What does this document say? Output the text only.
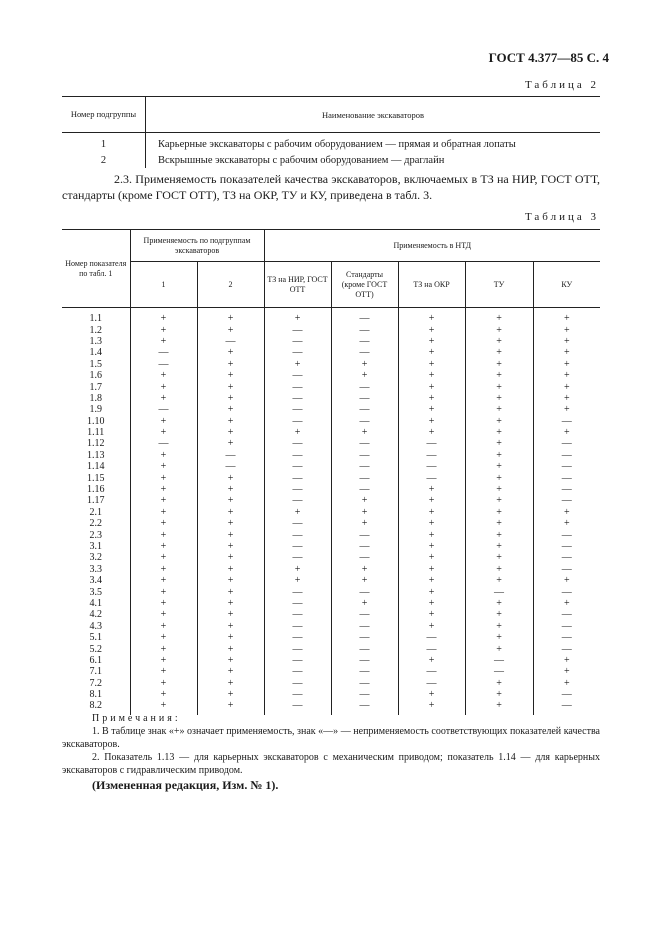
ГОСТ 4.377—85 С. 4
Таблица 2
Номер подгруппы	Наименование экскаваторов
1	Карьерные экскаваторы с рабочим оборудованием — прямая и обратная лопаты
2	Вскрышные экскаваторы с рабочим оборудованием — драглайн
2.3. Применяемость показателей качества экскаваторов, включаемых в ТЗ на НИР, ГОСТ ОТТ, стандарты (кроме ГОСТ ОТТ), ТЗ на ОКР, ТУ и КУ, приведена в табл. 3.
Таблица 3
Номер показателя по табл. 1	Применяемость по подгруппам экскаваторов		Применяемость в НТД				
	1	2	ТЗ на НИР, ГОСТ ОТТ	Стандарты (кроме ГОСТ ОТТ)	ТЗ на ОКР	ТУ	КУ
1.1	+	+	+	—	+	+	+
1.2	+	+	—	—	+	+	+
1.3	+	—	—	—	+	+	+
1.4	—	+	—	—	+	+	+
1.5	—	+	+	+	+	+	+
1.6	+	+	—	+	+	+	+
1.7	+	+	—	—	+	+	+
1.8	+	+	—	—	+	+	+
1.9	—	+	—	—	+	+	+
1.10	+	+	—	—	+	+	—
1.11	+	+	+	+	+	+	+
1.12	—	+	—	—	—	+	—
1.13	+	—	—	—	—	+	—
1.14	+	—	—	—	—	+	—
1.15	+	+	—	—	—	+	—
1.16	+	+	—	—	+	+	—
1.17	+	+	—	+	+	+	—
2.1	+	+	+	+	+	+	+
2.2	+	+	—	+	+	+	+
2.3	+	+	—	—	+	+	—
3.1	+	+	—	—	+	+	—
3.2	+	+	—	—	+	+	—
3.3	+	+	+	+	+	+	—
3.4	+	+	+	+	+	+	+
3.5	+	+	—	—	+	—	—
4.1	+	+	—	+	+	+	+
4.2	+	+	—	—	+	+	—
4.3	+	+	—	—	+	+	—
5.1	+	+	—	—	—	+	—
5.2	+	+	—	—	—	+	—
6.1	+	+	—	—	+	—	+
7.1	+	+	—	—	—	—	+
7.2	+	+	—	—	—	+	+
8.1	+	+	—	—	+	+	—
8.2	+	+	—	—	+	+	—
Примечания:

1. В таблице знак «+» означает применяемость, знак «—» — неприменяемость соответствующих показателей качества экскаваторов.

2. Показатель 1.13 — для карьерных экскаваторов с механическим приводом; показатель 1.14 — для карьерных экскаваторов с гидравлическим приводом.

(Измененная редакция, Изм. № 1).
